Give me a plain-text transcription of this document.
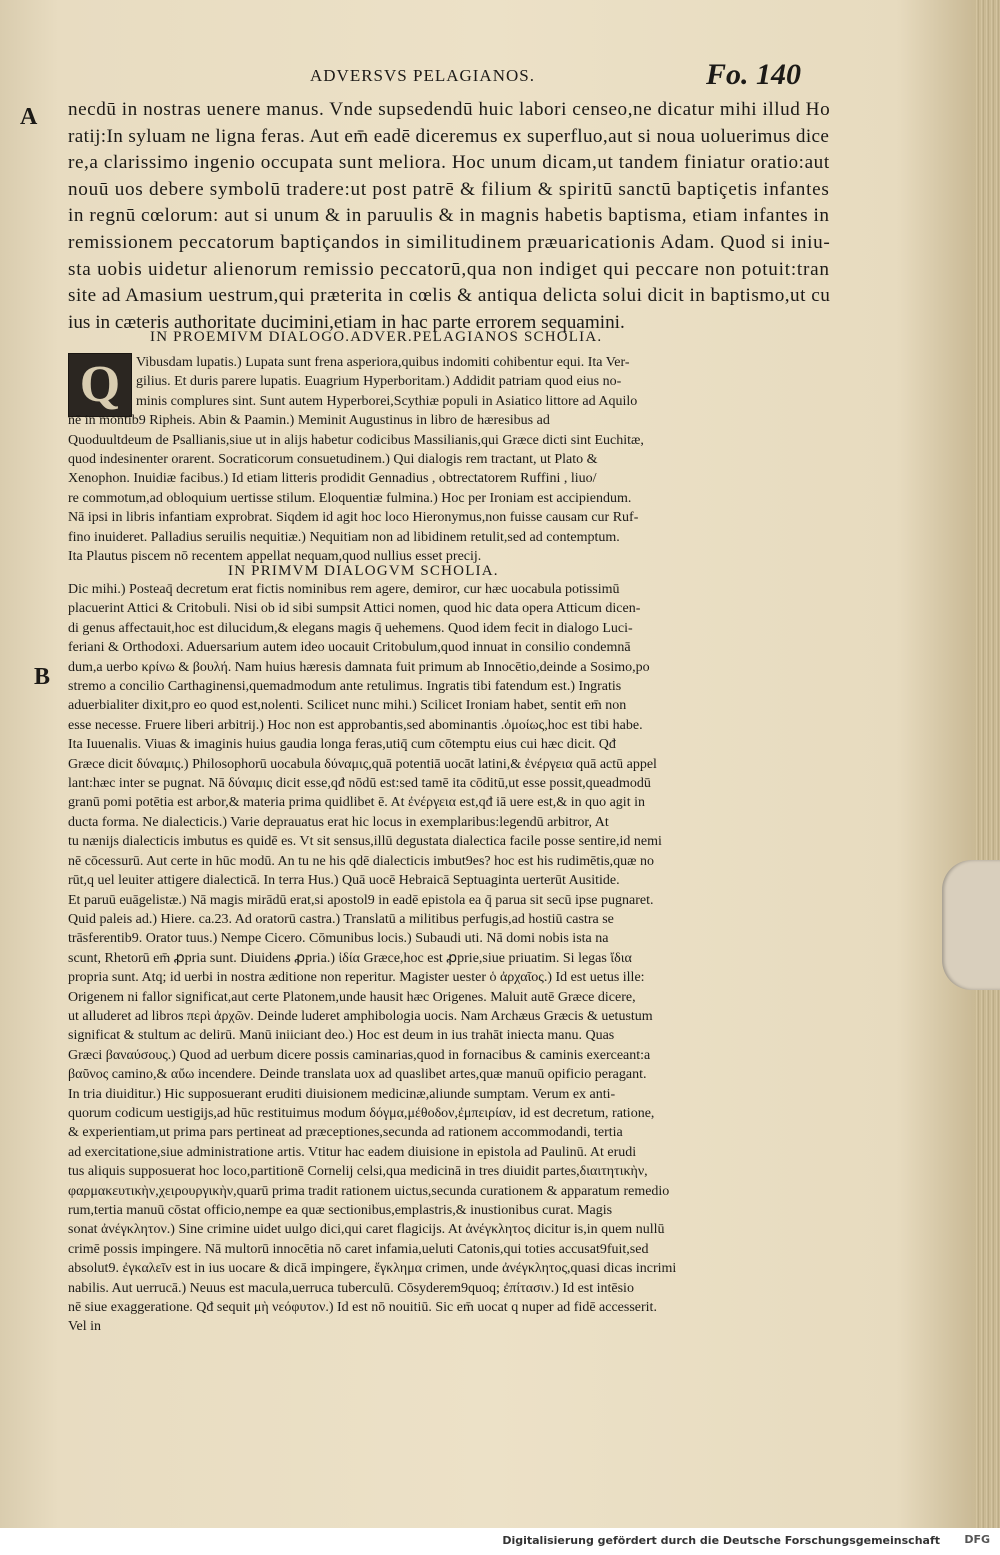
ADVERSVS PELAGIANOS.	Fo. 140
A
B
necdū in nostras uenere manus. Vnde supsedendū huic labori censeo,ne dicatur mihi illud Ho
ratij:In syluam ne ligna feras. Aut em̄ eadē diceremus ex superfluo,aut si noua uoluerimus dice
re,a clarissimo ingenio occupata sunt meliora. Hoc unum dicam,ut tandem finiatur oratio:aut
nouū uos debere symbolū tradere:ut post patrē & filium & spiritū sanctū baptiçetis infantes
in regnū cœlorum: aut si unum & in paruulis & in magnis habetis baptisma, etiam infantes in
remissionem peccatorum baptiçandos in similitudinem præuaricationis Adam. Quod si iniu-
sta uobis uidetur alienorum remissio peccatorū,qua non indiget qui peccare non potuit:tran
site ad Amasium uestrum,qui præterita in cœlis & antiqua delicta solui dicit in baptismo,ut cu
ius in cæteris authoritate ducimini,etiam in hac parte errorem sequamini.
IN PROEMIVM DIALOGO.ADVER.PELAGIANOS SCHOLIA.
Q	Vibusdam lupatis.) Lupata sunt frena asperiora,quibus indomiti cohibentur equi. Ita Ver-
gilius. Et duris parere lupatis. Euagrium Hyperboritam.) Addidit patriam quod eius no-
minis complures sint. Sunt autem Hyperborei,Scythiæ populi in Asiatico littore ad Aquilo
nē in montib9 Ripheis. Abin & Paamin.) Meminit Augustinus in libro de hæresibus ad
Quoduultdeum de Psallianis,siue ut in alijs habetur codicibus Massilianis,qui Græce dicti sint Euchitæ,
quod indesinenter orarent. Socraticorum consuetudinem.) Qui dialogis rem tractant, ut Plato &
Xenophon. Inuidiæ facibus.) Id etiam litteris prodidit Gennadius , obtrectatorem Ruffini , liuo/
re commotum,ad obloquium uertisse stilum. Eloquentiæ fulmina.) Hoc per Ironiam est accipiendum.
Nā ipsi in libris infantiam exprobrat. Siqdem id agit hoc loco Hieronymus,non fuisse causam cur Ruf-
fino inuideret. Palladius seruilis nequitiæ.) Nequitiam non ad libidinem retulit,sed ad contemptum.
Ita Plautus piscem nō recentem appellat nequam,quod nullius esset precij.
IN PRIMVM DIALOGVM SCHOLIA.
Dic mihi.) Posteaq̄ decretum erat fictis nominibus rem agere, demiror, cur hæc uocabula potissimū
placuerint Attici & Critobuli. Nisi ob id sibi sumpsit Attici nomen, quod hic data opera Atticum dicen-
di genus affectauit,hoc est dilucidum,& elegans magis q̄ uehemens. Quod idem fecit in dialogo Luci-
feriani & Orthodoxi. Aduersarium autem ideo uocauit Critobulum,quod innuat in consilio condemnā
dum,a uerbo κρίνω & βουλή. Nam huius hæresis damnata fuit primum ab Innocētio,deinde a Sosimo,po
stremo a concilio Carthaginensi,quemadmodum ante retulimus. Ingratis tibi fatendum est.) Ingratis
aduerbialiter dixit,pro eo quod est,nolenti. Scilicet nunc mihi.) Scilicet Ironiam habet, sentit em̄ non
esse necesse. Fruere liberi arbitrij.) Hoc non est approbantis,sed abominantis .ὁμοίως,hoc est tibi habe.
Ita Iuuenalis. Viuas & imaginis huius gaudia longa feras,utiq̄ cum cōtemptu eius cui hæc dicit. Qđ
Græce dicit δύναμις.) Philosophorū uocabula δύναμις,quā potentiā uocāt latini,& ἐνέργεια quā actū appel
lant:hæc inter se pugnat. Nā δύναμις dicit esse,qđ nōdū est:sed tamē ita cōditū,ut esse possit,queadmodū
granū pomi potētia est arbor,& materia prima quidlibet ē. At ἐνέργεια est,qđ iā uere est,& in quo agit in
ducta forma. Ne dialecticis.) Varie deprauatus erat hic locus in exemplaribus:legendū arbitror, At
tu nænijs dialecticis imbutus es quidē es. Vt sit sensus,illū degustata dialectica facile posse sentire,id nemi
nē cōcessurū. Aut certe in hūc modū. An tu ne his qdē dialecticis imbut9es? hoc est his rudimētis,quæ no
rūt,q uel leuiter attigere dialecticā. In terra Hus.) Quā uocē Hebraicā Septuaginta uerterūt Ausitide.
Et paruū euāgelistæ.) Nā magis mirādū erat,si apostol9 in eadē epistola ea q̄ parua sit secū ipse pugnaret.
Quid paleis ad.) Hiere. ca.23. Ad oratorū castra.) Translatū a militibus perfugis,ad hostiū castra se
trāsferentib9. Orator tuus.) Nempe Cicero. Cōmunibus locis.) Subaudi uti. Nā domi nobis ista na
scunt, Rhetorū em̄ ꝓpria sunt. Diuidens ꝓpria.) ἰδία Græce,hoc est ꝓprie,siue priuatim. Si legas ἴδια
propria sunt. Atq; id uerbi in nostra æditione non reperitur. Magister uester ὁ ἀρχαῖος.) Id est uetus ille:
Origenem ni fallor significat,aut certe Platonem,unde hausit hæc Origenes. Maluit autē Græce dicere,
ut alluderet ad libros περὶ ἀρχῶν. Deinde luderet amphibologia uocis. Nam Archæus Græcis & uetustum
significat & stultum ac delirū. Manū iniiciant deo.) Hoc est deum in ius trahāt iniecta manu. Quas
Græci βαναύσους.) Quod ad uerbum dicere possis caminarias,quod in fornacibus & caminis exerceant:a
βαῦνος camino,& αὔω incendere. Deinde translata uox ad quaslibet artes,quæ manuū opificio peragant.
In tria diuiditur.) Hic supposuerant eruditi diuisionem medicinæ,aliunde sumptam. Verum ex anti-
quorum codicum uestigijs,ad hūc restituimus modum δόγμα,μέθοδον,ἐμπειρίαν, id est decretum, ratione,
& experientiam,ut prima pars pertineat ad præceptiones,secunda ad rationem accommodandi, tertia
ad exercitatione,siue administratione artis. Vtitur hac eadem diuisione in epistola ad Paulinū. At erudi
tus aliquis supposuerat hoc loco,partitionē Cornelij celsi,qua medicinā in tres diuidit partes,διαιτητικὴν,
φαρμακευτικὴν,χειρουργικὴν,quarū prima tradit rationem uictus,secunda curationem & apparatum remedio
rum,tertia manuū cōstat officio,nempe ea quæ sectionibus,emplastris,& inustionibus curat. Magis
sonat ἀνέγκλητον.) Sine crimine uidet uulgo dici,qui caret flagicijs. At ἀνέγκλητος dicitur is,in quem nullū
crimē possis impingere. Nā multorū innocētia nō caret infamia,ueluti Catonis,qui toties accusat9fuit,sed
absolut9. ἐγκαλεῖν est in ius uocare & dicā impingere, ἔγκλημα crimen, unde ἀνέγκλητος,quasi dicas incrimi
nabilis. Aut uerrucā.) Neuus est macula,uerruca tuberculū. Cōsyderem9quoq; ἐπίτασιν.) Id est intēsio
nē siue exaggeratione. Qđ sequit μὴ νεόφυτον.) Id est nō nouitiū. Sic em̄ uocat q nuper ad fidē accesserit.
Vel in
Digitalisierung gefördert durch die Deutsche Forschungsgemeinschaft	DFG
